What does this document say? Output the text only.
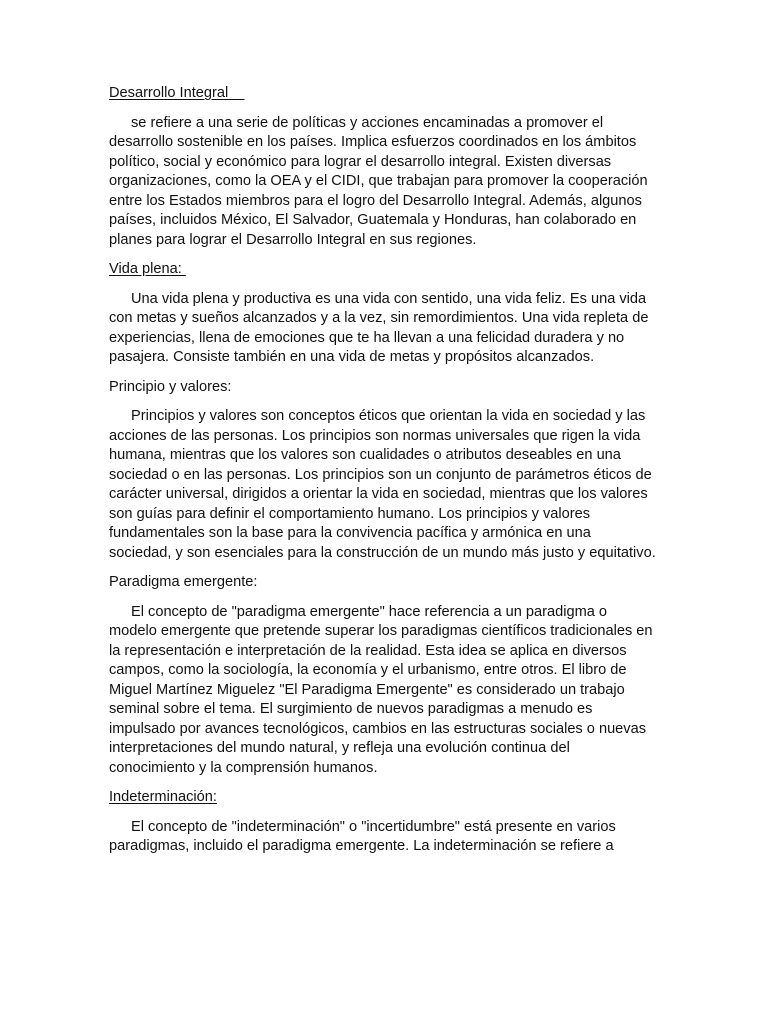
Desarrollo Integral

se refiere a una serie de políticas y acciones encaminadas a promover el desarrollo sostenible en los países. Implica esfuerzos coordinados en los ámbitos político, social y económico para lograr el desarrollo integral. Existen diversas organizaciones, como la OEA y el CIDI, que trabajan para promover la cooperación entre los Estados miembros para el logro del Desarrollo Integral. Además, algunos países, incluidos México, El Salvador, Guatemala y Honduras, han colaborado en planes para lograr el Desarrollo Integral en sus regiones.

Vida plena:

Una vida plena y productiva es una vida con sentido, una vida feliz. Es una vida con metas y sueños alcanzados y a la vez, sin remordimientos. Una vida repleta de experiencias, llena de emociones que te ha llevan a una felicidad duradera y no pasajera. Consiste también en una vida de metas y propósitos alcanzados.

Principio y valores:

Principios y valores son conceptos éticos que orientan la vida en sociedad y las acciones de las personas. Los principios son normas universales que rigen la vida humana, mientras que los valores son cualidades o atributos deseables en una sociedad o en las personas. Los principios son un conjunto de parámetros éticos de carácter universal, dirigidos a orientar la vida en sociedad, mientras que los valores son guías para definir el comportamiento humano. Los principios y valores fundamentales son la base para la convivencia pacífica y armónica en una sociedad, y son esenciales para la construcción de un mundo más justo y equitativo.

Paradigma emergente:

El concepto de "paradigma emergente" hace referencia a un paradigma o modelo emergente que pretende superar los paradigmas científicos tradicionales en la representación e interpretación de la realidad. Esta idea se aplica en diversos campos, como la sociología, la economía y el urbanismo, entre otros. El libro de Miguel Martínez Miguelez "El Paradigma Emergente" es considerado un trabajo seminal sobre el tema. El surgimiento de nuevos paradigmas a menudo es impulsado por avances tecnológicos, cambios en las estructuras sociales o nuevas interpretaciones del mundo natural, y refleja una evolución continua del conocimiento y la comprensión humanos.

Indeterminación:

El concepto de "indeterminación" o "incertidumbre" está presente en varios paradigmas, incluido el paradigma emergente. La indeterminación se refiere a
